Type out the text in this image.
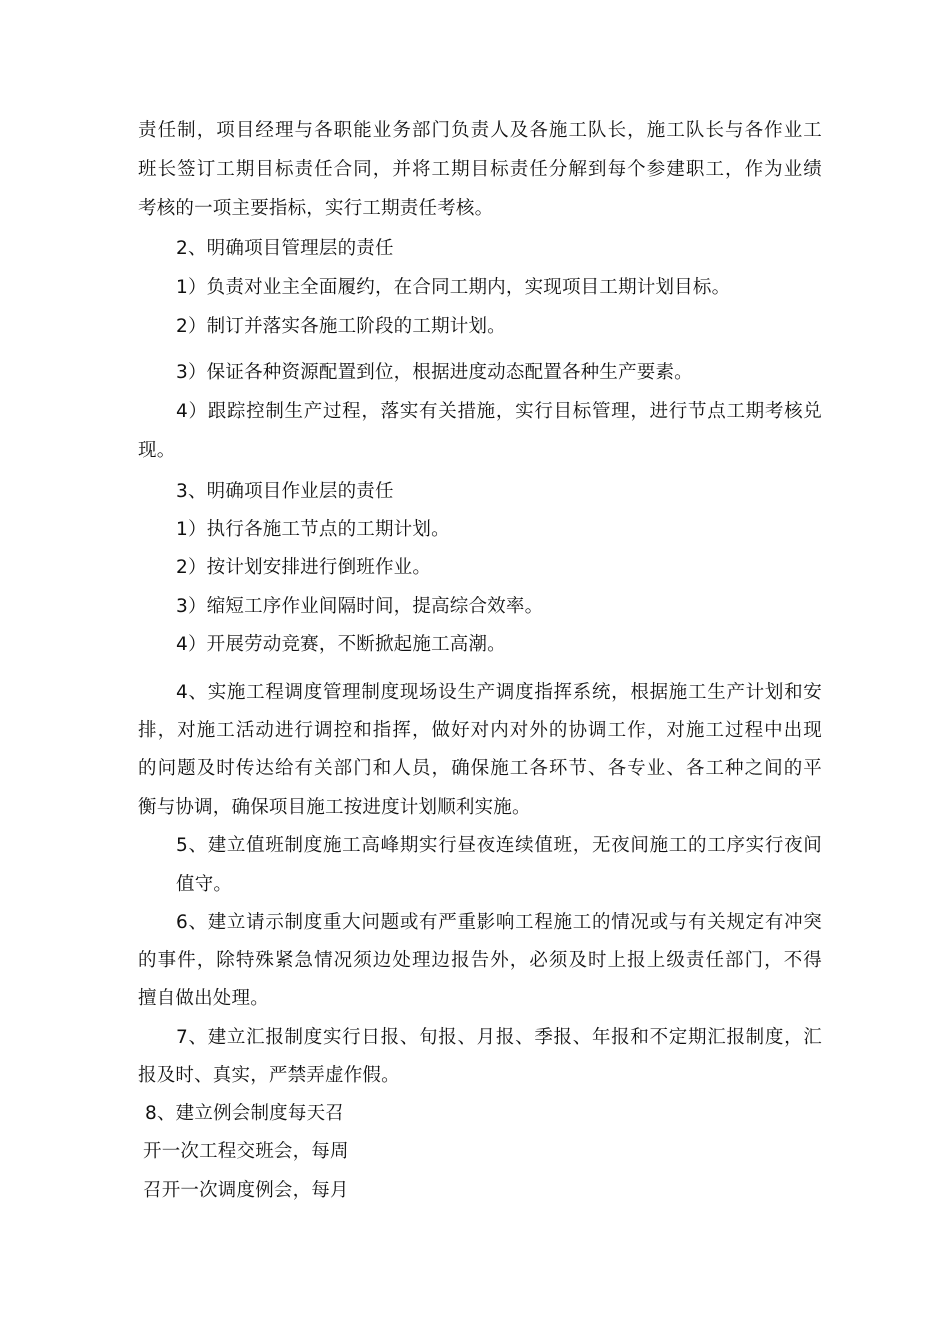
责任制，项目经理与各职能业务部门负责人及各施工队长，施工队长与各作业工
班长签订工期目标责任合同，并将工期目标责任分解到每个参建职工，作为业绩
考核的一项主要指标，实行工期责任考核。
2、明确项目管理层的责任
1）负责对业主全面履约，在合同工期内，实现项目工期计划目标。
2）制订并落实各施工阶段的工期计划。
3）保证各种资源配置到位，根据进度动态配置各种生产要素。
4）跟踪控制生产过程，落实有关措施，实行目标管理，进行节点工期考核兑
现。
3、明确项目作业层的责任
1）执行各施工节点的工期计划。
2）按计划安排进行倒班作业。
3）缩短工序作业间隔时间，提高综合效率。
4）开展劳动竞赛，不断掀起施工高潮。
4、实施工程调度管理制度现场设生产调度指挥系统，根据施工生产计划和安
排，对施工活动进行调控和指挥，做好对内对外的协调工作，对施工过程中出现
的问题及时传达给有关部门和人员，确保施工各环节、各专业、各工种之间的平
衡与协调，确保项目施工按进度计划顺利实施。
5、建立值班制度施工高峰期实行昼夜连续值班，无夜间施工的工序实行夜间
值守。
6、建立请示制度重大问题或有严重影响工程施工的情况或与有关规定有冲突
的事件，除特殊紧急情况须边处理边报告外，必须及时上报上级责任部门，不得
擅自做出处理。
7、建立汇报制度实行日报、旬报、月报、季报、年报和不定期汇报制度，汇
报及时、真实，严禁弄虚作假。
8、建立例会制度每天召
开一次工程交班会，每周
召开一次调度例会，每月
